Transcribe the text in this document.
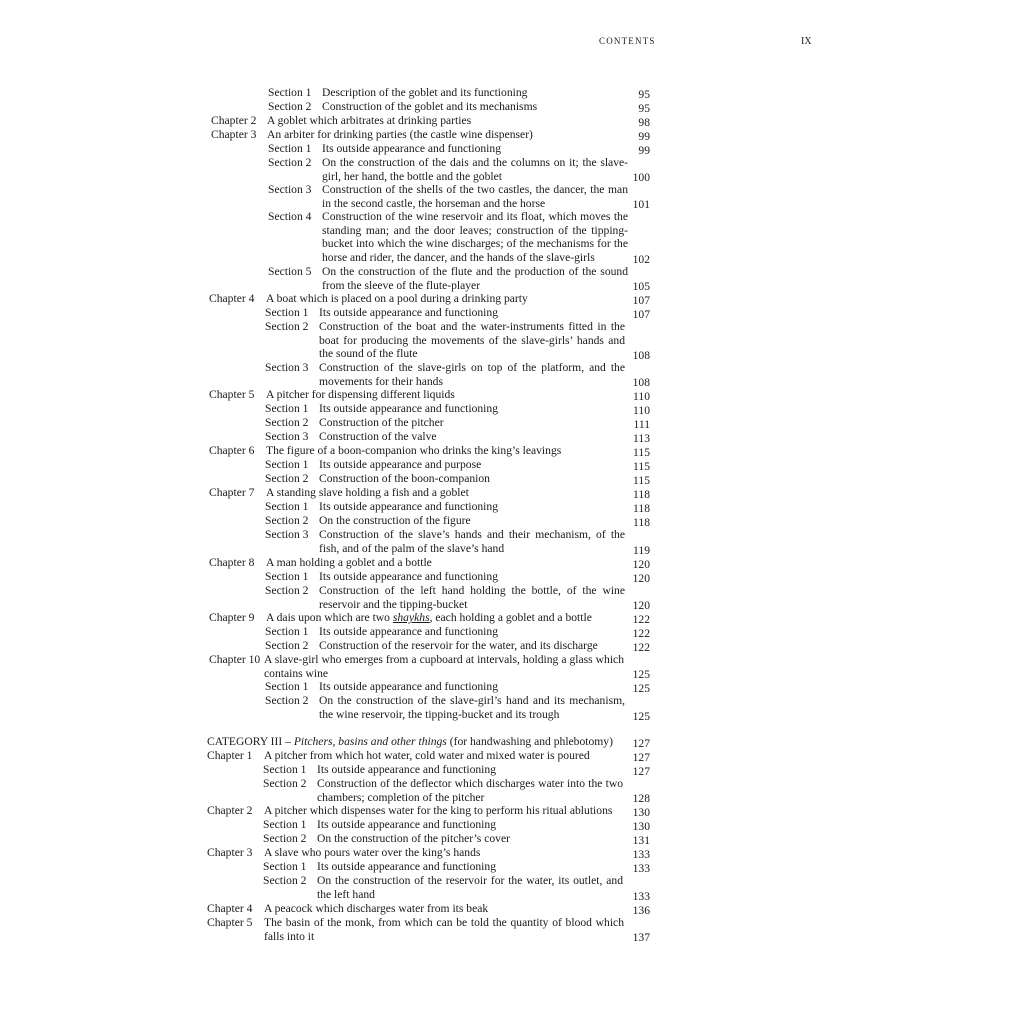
CONTENTS	IX
Section 1 Description of the goblet and its functioning	95
Section 2 Construction of the goblet and its mechanisms	95
Chapter 2 A goblet which arbitrates at drinking parties	98
Chapter 3 An arbiter for drinking parties (the castle wine dispenser)	99
Section 1 Its outside appearance and functioning	99
Section 2 On the construction of the dais and the columns on it; the slave-girl, her hand, the bottle and the goblet	100
Section 3 Construction of the shells of the two castles, the dancer, the man in the second castle, the horseman and the horse	101
Section 4 Construction of the wine reservoir and its float, which moves the standing man; and the door leaves; construction of the tipping-bucket into which the wine discharges; of the mechanisms for the horse and rider, the dancer, and the hands of the slave-girls	102
Section 5 On the construction of the flute and the production of the sound from the sleeve of the flute-player	105
Chapter 4 A boat which is placed on a pool during a drinking party	107
Section 1 Its outside appearance and functioning	107
Section 2 Construction of the boat and the water-instruments fitted in the boat for producing the movements of the slave-girls’ hands and the sound of the flute	108
Section 3 Construction of the slave-girls on top of the platform, and the movements for their hands	108
Chapter 5 A pitcher for dispensing different liquids	110
Section 1 Its outside appearance and functioning	110
Section 2 Construction of the pitcher	111
Section 3 Construction of the valve	113
Chapter 6 The figure of a boon-companion who drinks the king’s leavings	115
Section 1 Its outside appearance and purpose	115
Section 2 Construction of the boon-companion	115
Chapter 7 A standing slave holding a fish and a goblet	118
Section 1 Its outside appearance and functioning	118
Section 2 On the construction of the figure	118
Section 3 Construction of the slave’s hands and their mechanism, of the fish, and of the palm of the slave’s hand	119
Chapter 8 A man holding a goblet and a bottle	120
Section 1 Its outside appearance and functioning	120
Section 2 Construction of the left hand holding the bottle, of the wine reservoir and the tipping-bucket	120
Chapter 9 A dais upon which are two shaykhs, each holding a goblet and a bottle	122
Section 1 Its outside appearance and functioning	122
Section 2 Construction of the reservoir for the water, and its discharge	122
Chapter 10 A slave-girl who emerges from a cupboard at intervals, holding a glass which contains wine	125
Section 1 Its outside appearance and functioning	125
Section 2 On the construction of the slave-girl’s hand and its mechanism, the wine reservoir, the tipping-bucket and its trough	125
CATEGORY III – Pitchers, basins and other things (for handwashing and phlebotomy)	127
Chapter 1 A pitcher from which hot water, cold water and mixed water is poured	127
Section 1 Its outside appearance and functioning	127
Section 2 Construction of the deflector which discharges water into the two chambers; completion of the pitcher	128
Chapter 2 A pitcher which dispenses water for the king to perform his ritual ablutions	130
Section 1 Its outside appearance and functioning	130
Section 2 On the construction of the pitcher’s cover	131
Chapter 3 A slave who pours water over the king’s hands	133
Section 1 Its outside appearance and functioning	133
Section 2 On the construction of the reservoir for the water, its outlet, and the left hand	133
Chapter 4 A peacock which discharges water from its beak	136
Chapter 5 The basin of the monk, from which can be told the quantity of blood which falls into it	137
